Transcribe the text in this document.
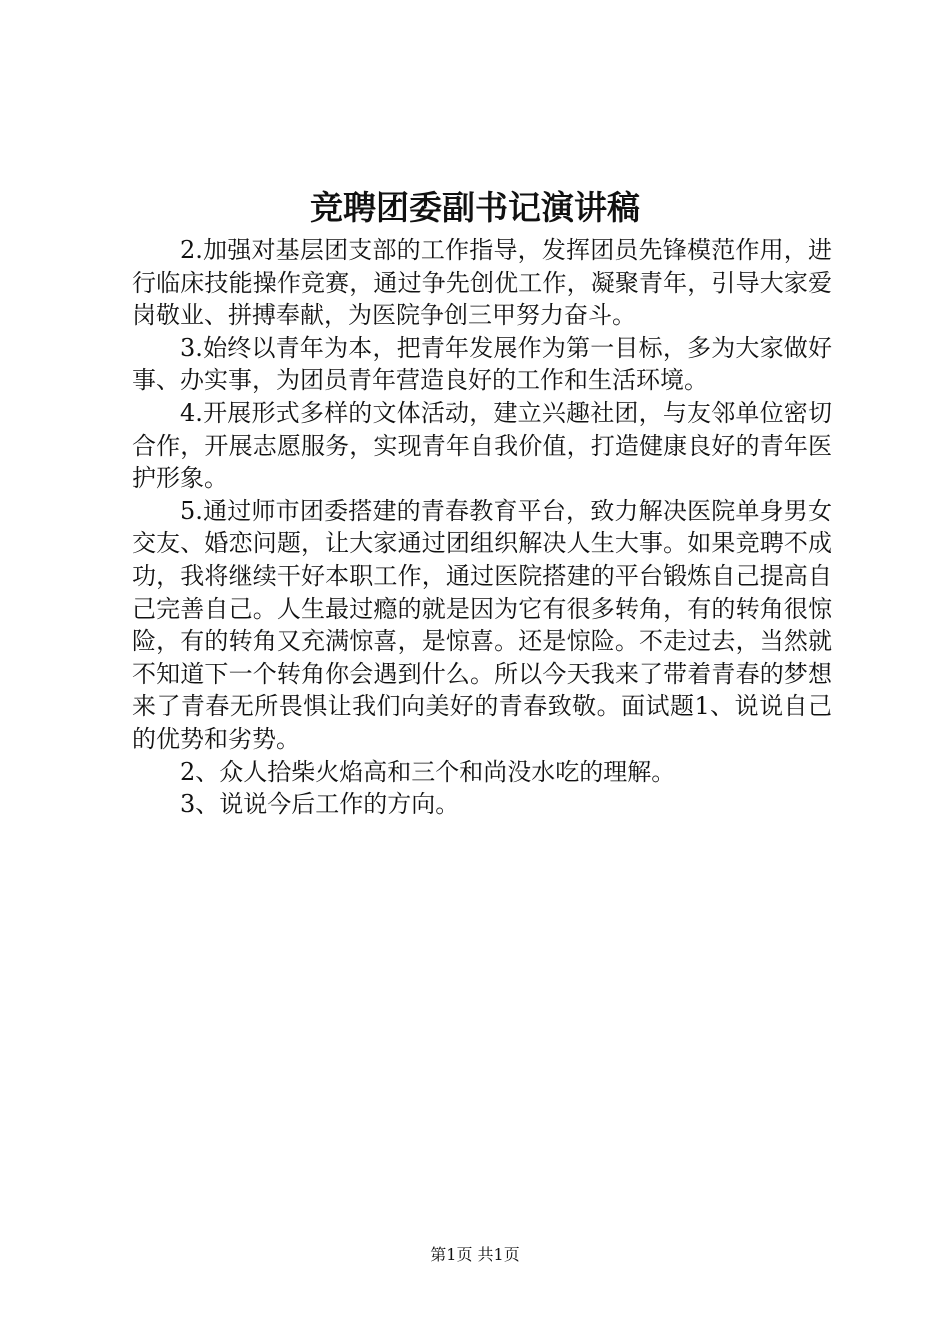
竞聘团委副书记演讲稿

2.加强对基层团支部的工作指导，发挥团员先锋模范作用，进行临床技能操作竞赛，通过争先创优工作，凝聚青年，引导大家爱岗敬业、拼搏奉献，为医院争创三甲努力奋斗。

3.始终以青年为本，把青年发展作为第一目标，多为大家做好事、办实事，为团员青年营造良好的工作和生活环境。

4.开展形式多样的文体活动，建立兴趣社团，与友邻单位密切合作，开展志愿服务，实现青年自我价值，打造健康良好的青年医护形象。

5.通过师市团委搭建的青春教育平台，致力解决医院单身男女交友、婚恋问题，让大家通过团组织解决人生大事。如果竞聘不成功，我将继续干好本职工作，通过医院搭建的平台锻炼自己提高自己完善自己。人生最过瘾的就是因为它有很多转角，有的转角很惊险，有的转角又充满惊喜，是惊喜。还是惊险。不走过去，当然就不知道下一个转角你会遇到什么。所以今天我来了带着青春的梦想来了青春无所畏惧让我们向美好的青春致敬。面试题1、说说自己的优势和劣势。

2、众人拾柴火焰高和三个和尚没水吃的理解。

3、说说今后工作的方向。

第1页 共1页
